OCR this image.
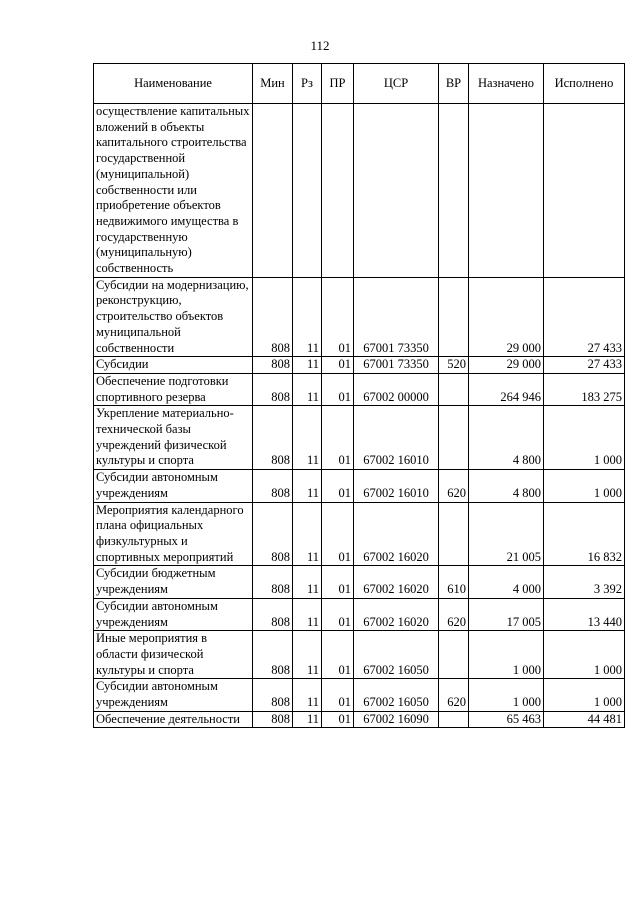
112
Наименование	Мин	Рз	ПР	ЦСР	ВР	Назначено	Исполнено
осуществление капитальных вложений в объекты капитального строительства государственной (муниципальной) собственности или приобретение объектов недвижимого имущества в государственную (муниципальную) собственность							
Субсидии на модернизацию, реконструкцию, строительство объектов муниципальной собственности	808	11	01	67001 73350		29 000	27 433
Субсидии	808	11	01	67001 73350	520	29 000	27 433
Обеспечение подготовки спортивного резерва	808	11	01	67002 00000		264 946	183 275
Укрепление материально-технической базы учреждений физической культуры и спорта	808	11	01	67002 16010		4 800	1 000
Субсидии автономным учреждениям	808	11	01	67002 16010	620	4 800	1 000
Мероприятия календарного плана официальных физкультурных и спортивных мероприятий	808	11	01	67002 16020		21 005	16 832
Субсидии бюджетным учреждениям	808	11	01	67002 16020	610	4 000	3 392
Субсидии автономным учреждениям	808	11	01	67002 16020	620	17 005	13 440
Иные мероприятия в области физической культуры и спорта	808	11	01	67002 16050		1 000	1 000
Субсидии автономным учреждениям	808	11	01	67002 16050	620	1 000	1 000
Обеспечение деятельности	808	11	01	67002 16090		65 463	44 481
